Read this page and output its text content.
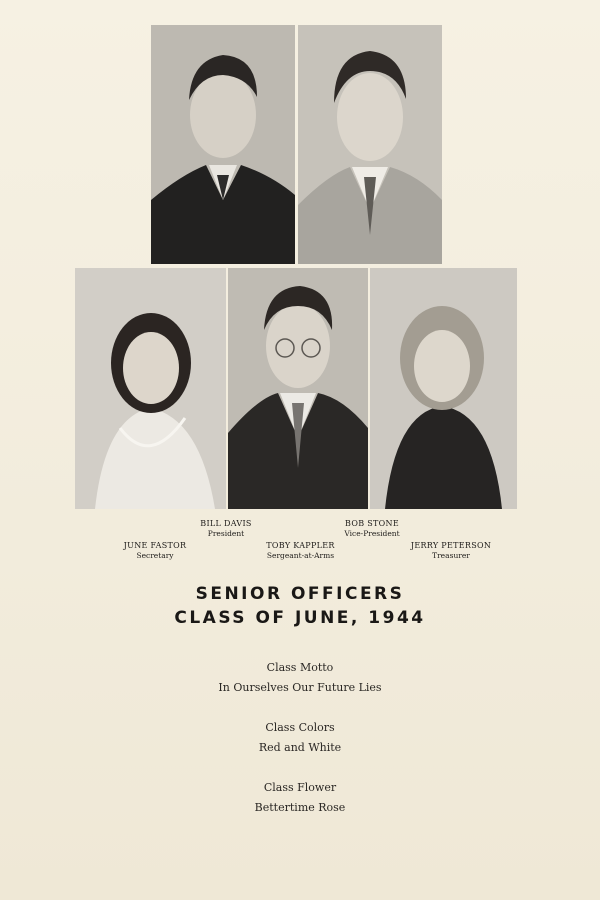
BILL DAVIS
President
BOB STONE
Vice-President
JUNE FASTOR
Secretary
TOBY KAPPLER
Sergeant-at-Arms
JERRY PETERSON
Treasurer
SENIOR OFFICERS
CLASS OF JUNE, 1944
Class Motto
In Ourselves Our Future Lies
Class Colors
Red and White
Class Flower
Bettertime Rose
